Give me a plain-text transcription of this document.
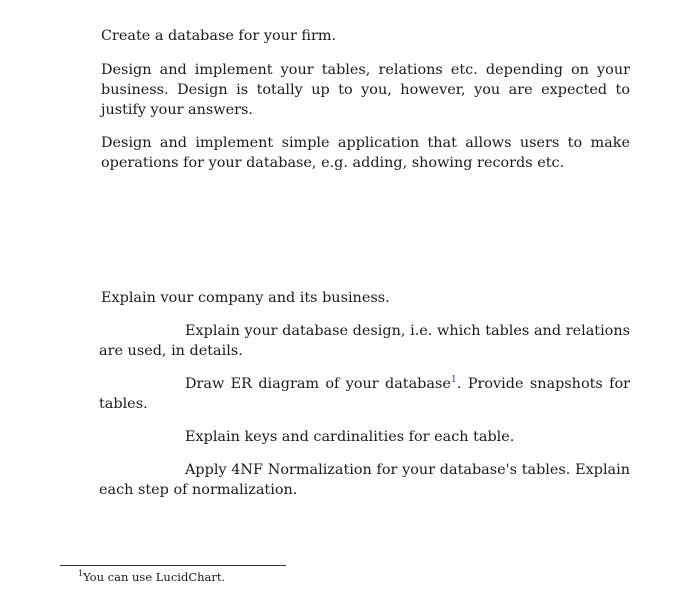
Create a database for your firm.

Design and implement your tables, relations etc. depending on your business. Design is totally up to you, however, you are expected to justify your answers.

Design and implement simple application that allows users to make operations for your database, e.g. adding, showing records etc.

Explain vour company and its business.

Explain your database design, i.e. which tables and relations are used, in details.

Draw ER diagram of your database$^1$. Provide snapshots for tables.

Explain keys and cardinalities for each table.

Apply 4NF Normalization for your database's tables. Explain each step of normalization.

$^1$You can use LucidChart.
